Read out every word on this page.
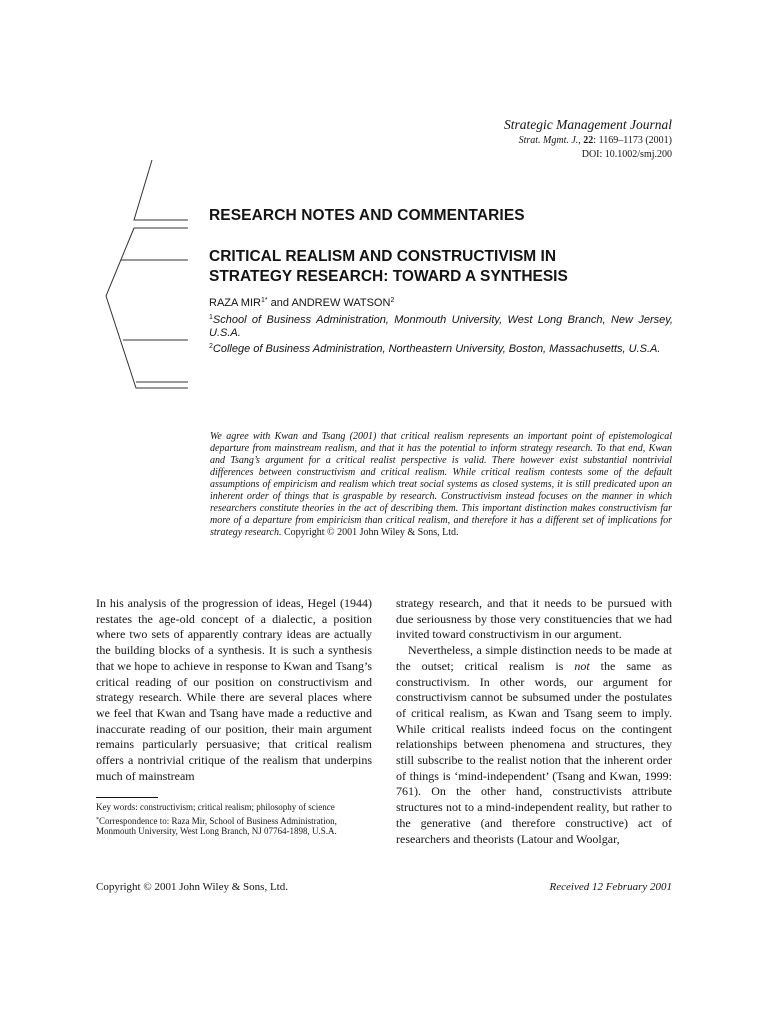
Strategic Management Journal
Strat. Mgmt. J., 22: 1169–1173 (2001)
DOI: 10.1002/smj.200
RESEARCH NOTES AND COMMENTARIES
CRITICAL REALISM AND CONSTRUCTIVISM IN
STRATEGY RESEARCH: TOWARD A SYNTHESIS
RAZA $MIR^{1*}$ and ANDREW WATSON$^2$
$^1$School of Business Administration, Monmouth University, West Long Branch, New Jersey, U.S.A.
$^2$College of Business Administration, Northeastern University, Boston, Massachusetts, U.S.A.
We agree with Kwan and Tsang (2001) that critical realism represents an important point of epistemological departure from mainstream realism, and that it has the potential to inform strategy research. To that end, Kwan and Tsang’s argument for a critical realist perspective is valid. There however exist substantial nontrivial differences between constructivism and critical realism. While critical realism contests some of the default assumptions of empiricism and realism which treat social systems as closed systems, it is still predicated upon an inherent order of things that is graspable by research. Constructivism instead focuses on the manner in which researchers constitute theories in the act of describing them. This important distinction makes constructivism far more of a departure from empiricism than critical realism, and therefore it has a different set of implications for strategy research. Copyright © 2001 John Wiley & Sons, Ltd.

In his analysis of the progression of ideas, Hegel (1944) restates the age-old concept of a dialectic, a position where two sets of apparently contrary ideas are actually the building blocks of a synthesis. It is such a synthesis that we hope to achieve in response to Kwan and Tsang’s critical reading of our position on constructivism and strategy research. While there are several places where we feel that Kwan and Tsang have made a reductive and inaccurate reading of our position, their main argument remains particularly persuasive; that critical realism offers a nontrivial critique of the realism that underpins much of mainstream

strategy research, and that it needs to be pursued with due seriousness by those very constituencies that we had invited toward constructivism in our argument.

Nevertheless, a simple distinction needs to be made at the outset; critical realism is not the same as constructivism. In other words, our argument for constructivism cannot be subsumed under the postulates of critical realism, as Kwan and Tsang seem to imply. While critical realists indeed focus on the contingent relationships between phenomena and structures, they still subscribe to the realist notion that the inherent order of things is ‘mind-independent’ (Tsang and Kwan, 1999: 761). On the other hand, constructivists attribute structures not to a mind-independent reality, but rather to the generative (and therefore constructive) act of researchers and theorists (Latour and Woolgar,

Key words: constructivism; critical realism; philosophy of science

*Correspondence to: Raza Mir, School of Business Administration, Monmouth University, West Long Branch, NJ 07764-1898, U.S.A.

Copyright © 2001 John Wiley & Sons, Ltd.	Received 12 February 2001
